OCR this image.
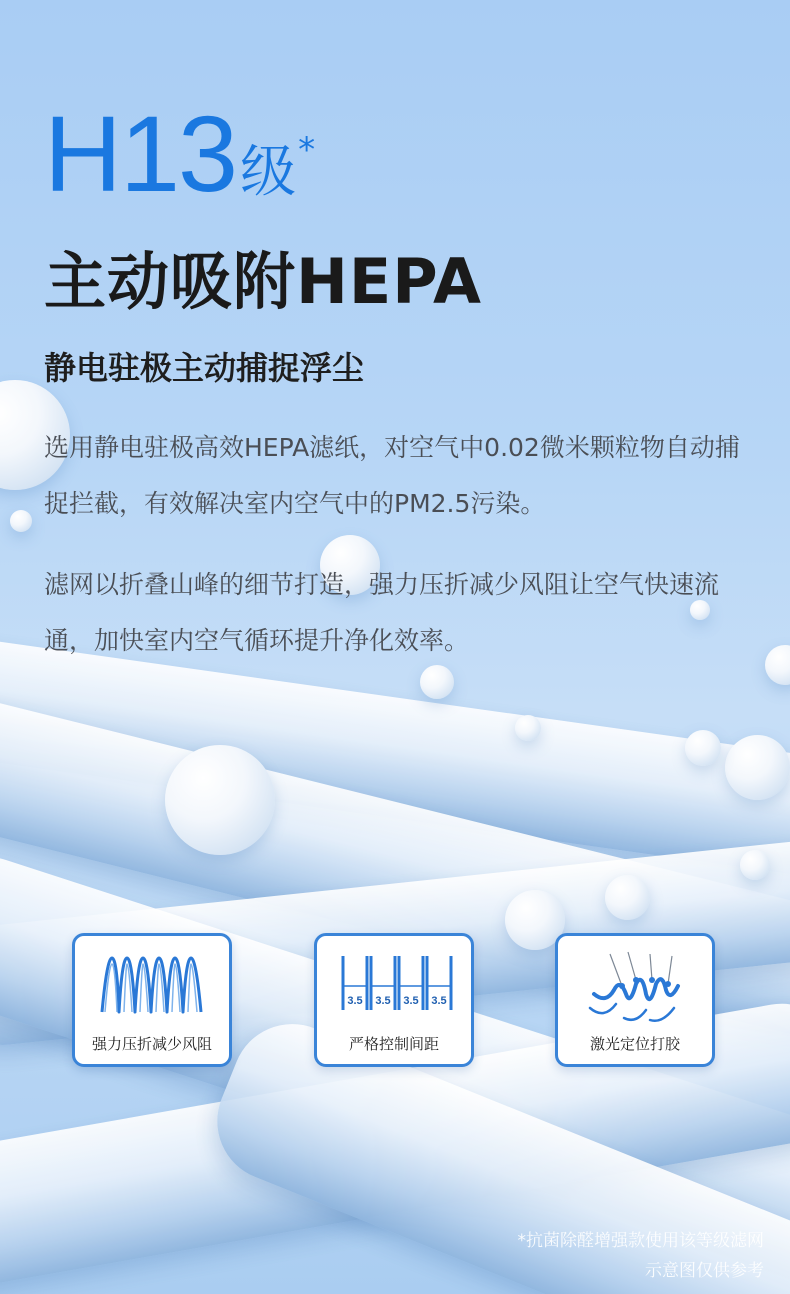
H13 级 *
主动吸附HEPA
静电驻极主动捕捉浮尘
选用静电驻极高效HEPA滤纸，对空气中0.02微米颗粒物自动捕捉拦截，有效解决室内空气中的PM2.5污染。
滤网以折叠山峰的细节打造，强力压折减少风阻让空气快速流通，加快室内空气循环提升净化效率。
强力压折减少风阻
3.5 3.5 3.5 3.5
严格控制间距	激光定位打胶
*抗菌除醛增强款使用该等级滤网
示意图仅供参考
